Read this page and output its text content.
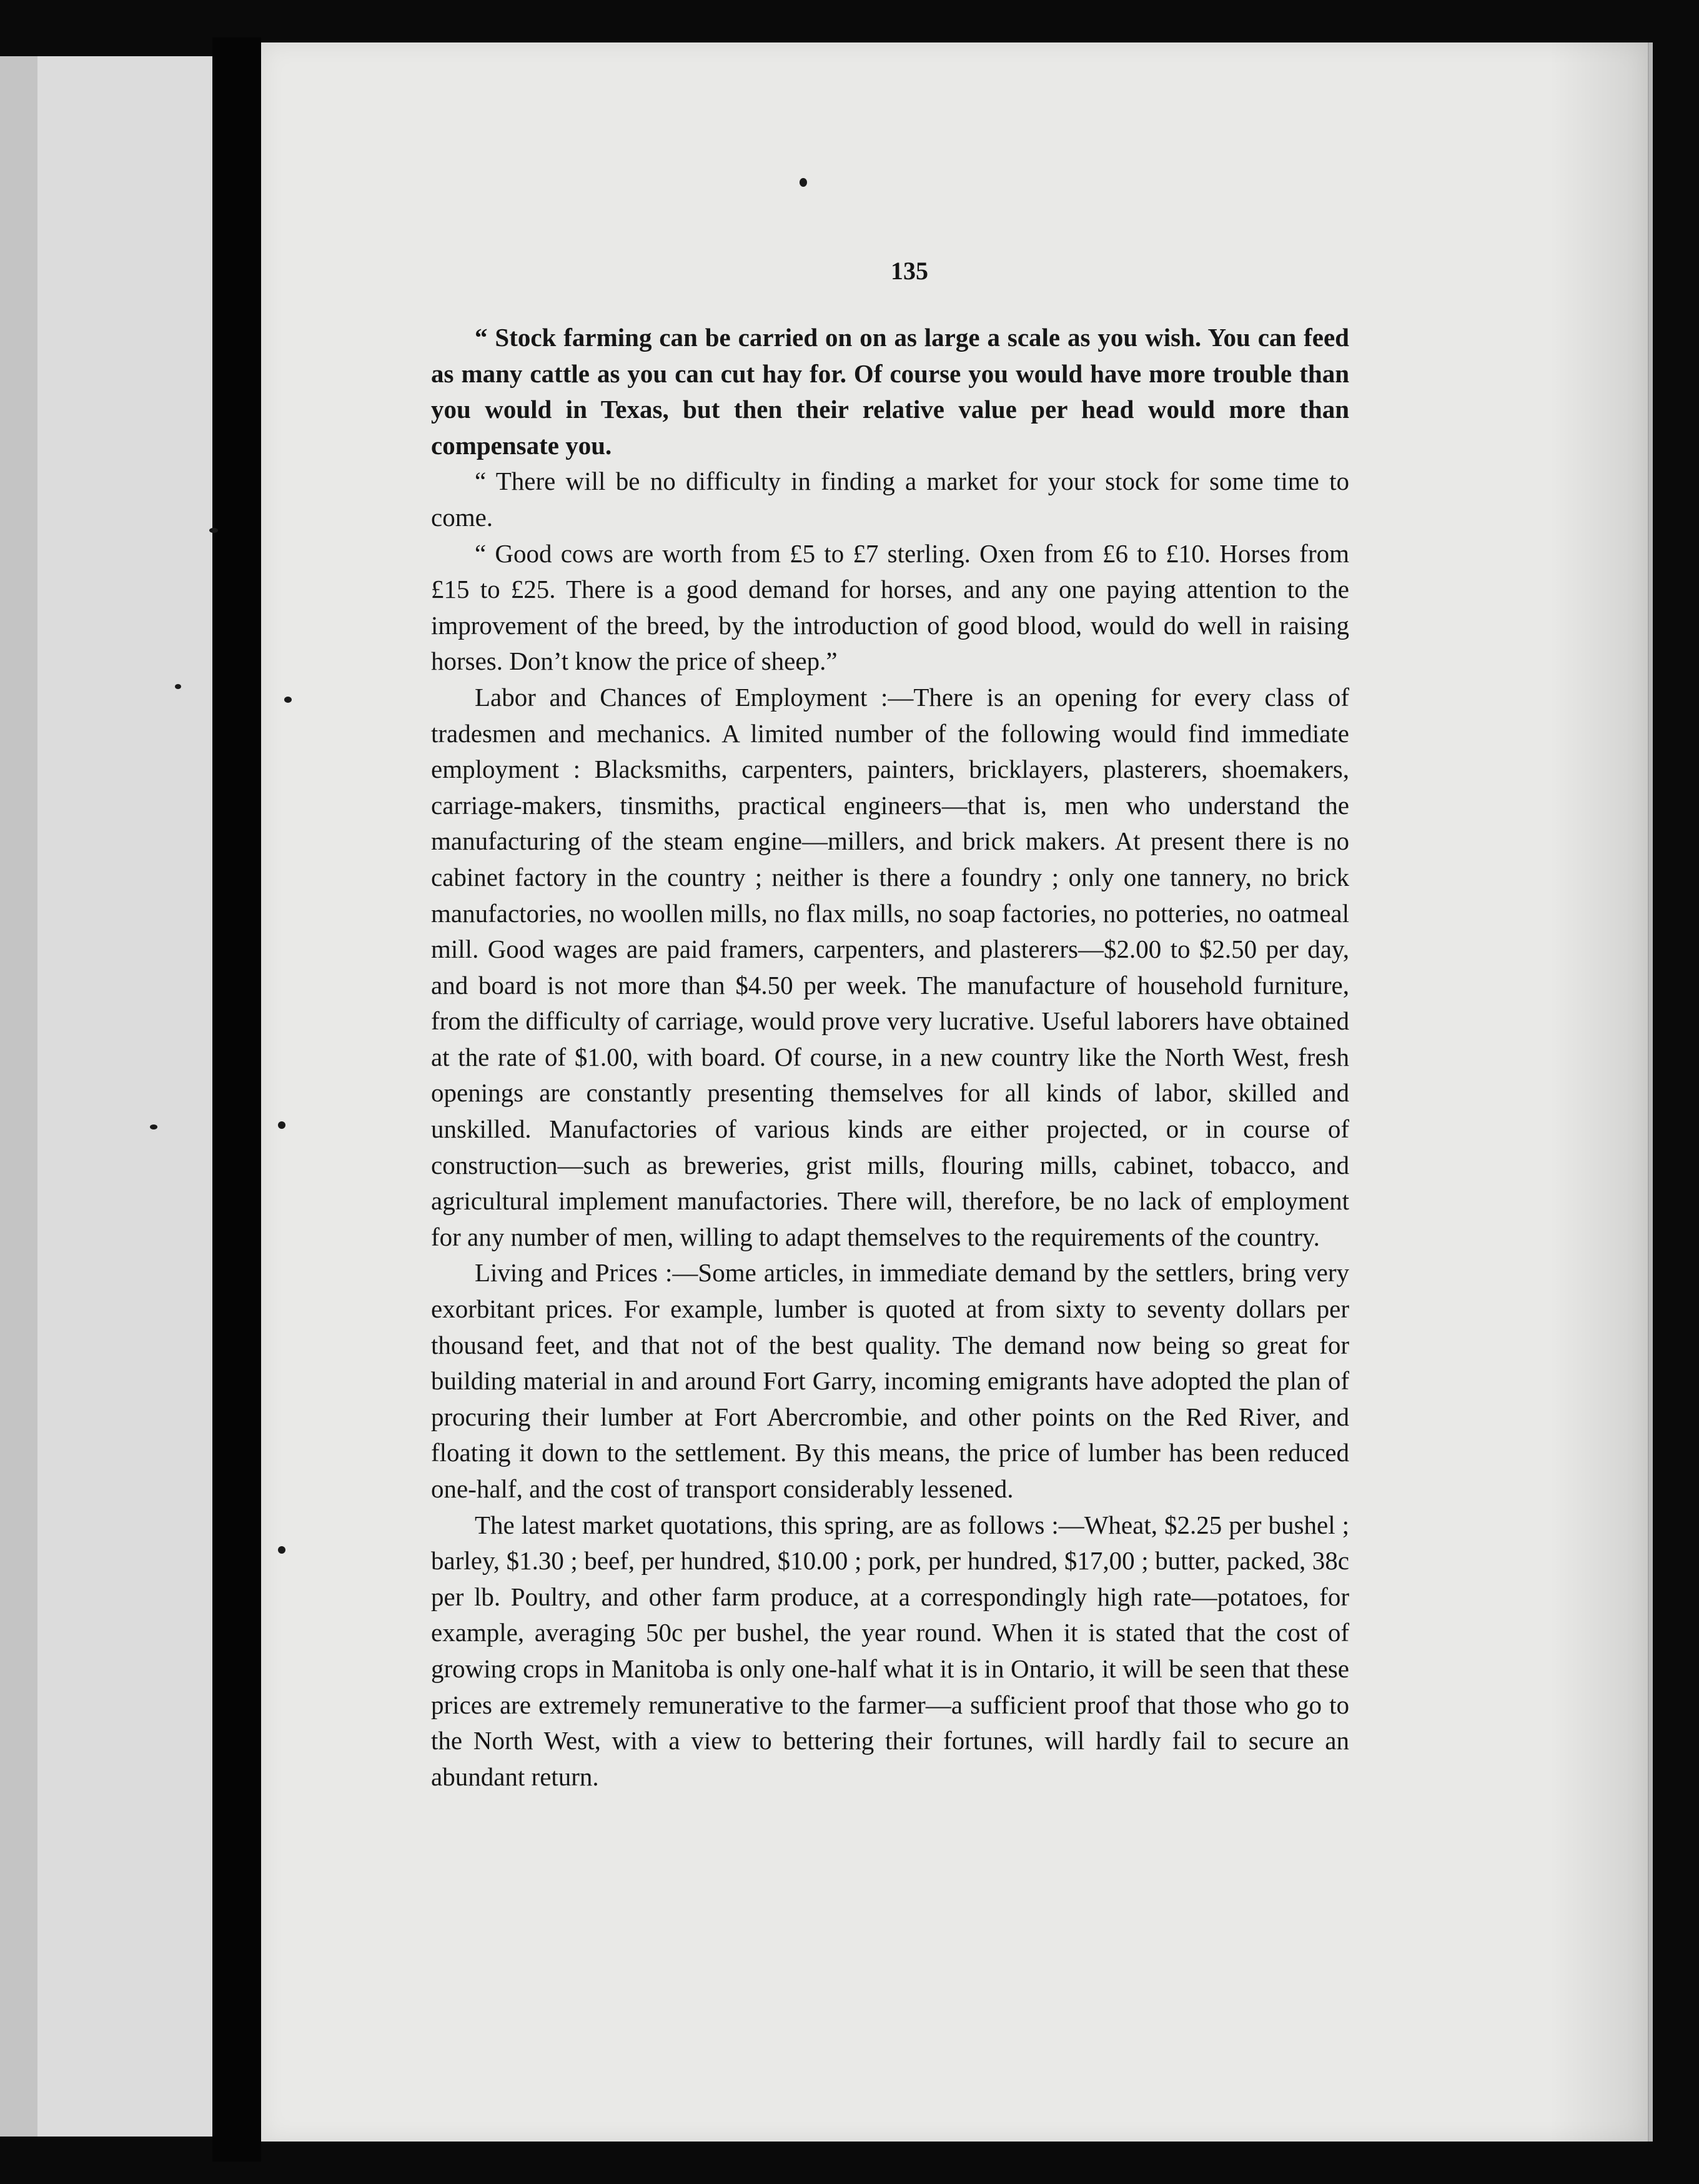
135

“ Stock farming can be carried on on as large a scale as you wish. You can feed as many cattle as you can cut hay for. Of course you would have more trouble than you would in Texas, but then their relative value per head would more than compensate you.

“ There will be no difficulty in finding a market for your stock for some time to come.

“ Good cows are worth from £5 to £7 sterling. Oxen from £6 to £10. Horses from £15 to £25. There is a good demand for horses, and any one paying attention to the improvement of the breed, by the introduction of good blood, would do well in raising horses. Don’t know the price of sheep.”

Labor and Chances of Employment :—There is an opening for every class of tradesmen and mechanics. A limited number of the following would find immediate employment : Blacksmiths, carpenters, painters, bricklayers, plasterers, shoemakers, carriage-makers, tinsmiths, practical engineers—that is, men who understand the manufacturing of the steam engine—millers, and brick makers. At present there is no cabinet factory in the country ; neither is there a foundry ; only one tannery, no brick manufactories, no woollen mills, no flax mills, no soap factories, no potteries, no oatmeal mill. Good wages are paid framers, carpenters, and plasterers—$2.00 to $2.50 per day, and board is not more than $4.50 per week. The manufacture of household furniture, from the difficulty of carriage, would prove very lucrative. Useful laborers have obtained at the rate of $1.00, with board. Of course, in a new country like the North West, fresh openings are constantly presenting themselves for all kinds of labor, skilled and unskilled. Manufactories of various kinds are either projected, or in course of construction—such as breweries, grist mills, flouring mills, cabinet, tobacco, and agricultural implement manufactories. There will, therefore, be no lack of employment for any number of men, willing to adapt themselves to the requirements of the country.

Living and Prices :—Some articles, in immediate demand by the settlers, bring very exorbitant prices. For example, lumber is quoted at from sixty to seventy dollars per thousand feet, and that not of the best quality. The demand now being so great for building material in and around Fort Garry, incoming emigrants have adopted the plan of procuring their lumber at Fort Abercrombie, and other points on the Red River, and floating it down to the settlement. By this means, the price of lumber has been reduced one-half, and the cost of transport considerably lessened.

The latest market quotations, this spring, are as follows :—Wheat, $2.25 per bushel ; barley, $1.30 ; beef, per hundred, $10.00 ; pork, per hundred, $17,00 ; butter, packed, 38c per lb. Poultry, and other farm produce, at a correspondingly high rate—potatoes, for example, averaging 50c per bushel, the year round. When it is stated that the cost of growing crops in Manitoba is only one-half what it is in Ontario, it will be seen that these prices are extremely remunerative to the farmer—a sufficient proof that those who go to the North West, with a view to bettering their fortunes, will hardly fail to secure an abundant return.
